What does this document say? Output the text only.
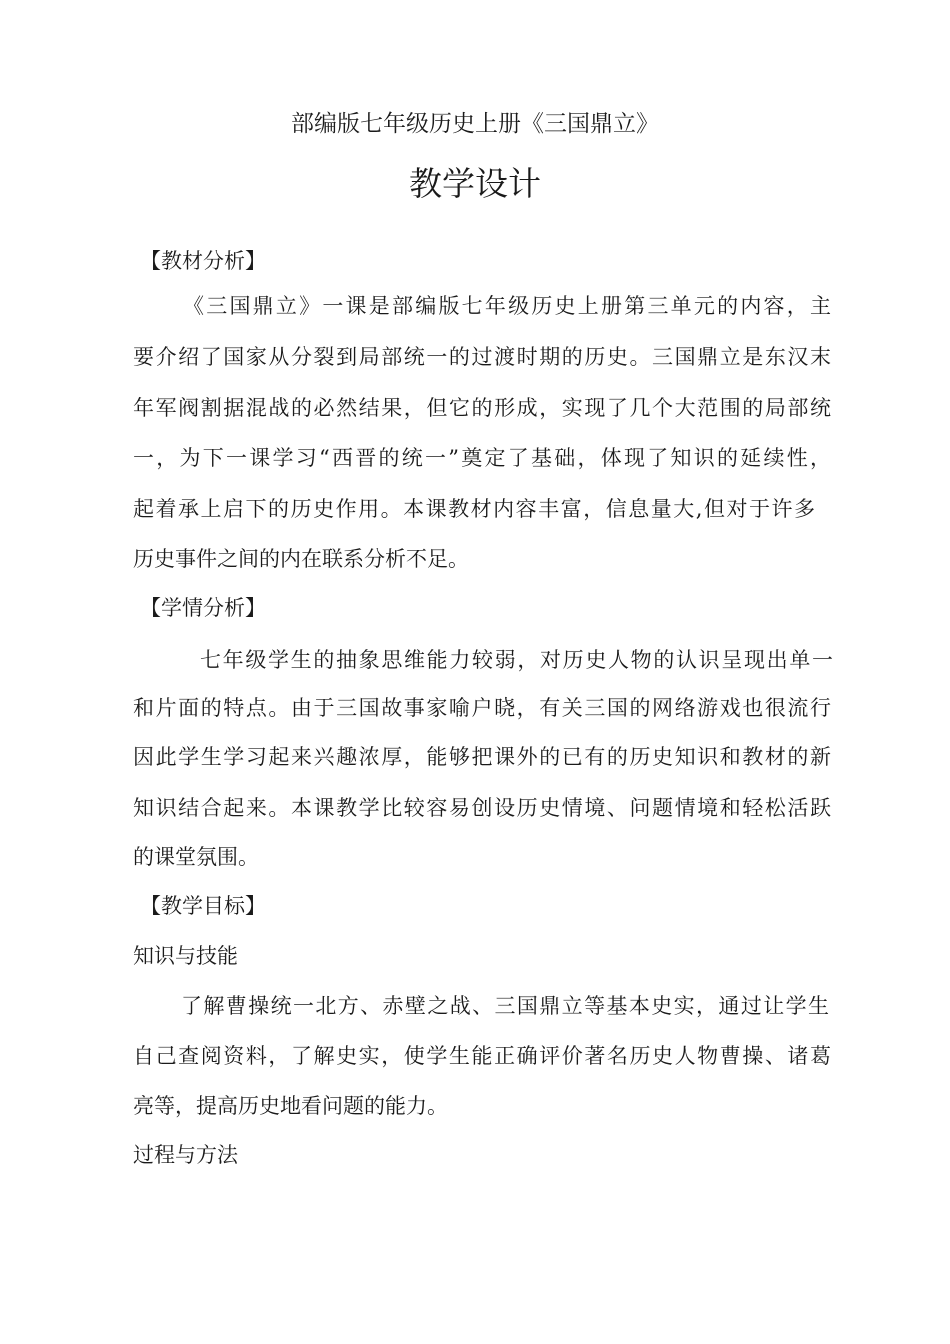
部编版七年级历史上册《三国鼎立》
教学设计
【教材分析】
《三国鼎立》一课是部编版七年级历史上册第三单元的内容，主
要介绍了国家从分裂到局部统一的过渡时期的历史。三国鼎立是东汉末
年军阀割据混战的必然结果，但它的形成，实现了几个大范围的局部统
一，为下一课学习“西晋的统一”奠定了基础，体现了知识的延续性，
起着承上启下的历史作用。本课教材内容丰富，信息量大,但对于许多
历史事件之间的内在联系分析不足。
【学情分析】
七年级学生的抽象思维能力较弱，对历史人物的认识呈现出单一
和片面的特点。由于三国故事家喻户晓，有关三国的网络游戏也很流行
因此学生学习起来兴趣浓厚，能够把课外的已有的历史知识和教材的新
知识结合起来。本课教学比较容易创设历史情境、问题情境和轻松活跃
的课堂氛围。
【教学目标】
知识与技能
了解曹操统一北方、赤壁之战、三国鼎立等基本史实，通过让学生
自己查阅资料，了解史实，使学生能正确评价著名历史人物曹操、诸葛
亮等，提高历史地看问题的能力。
过程与方法
